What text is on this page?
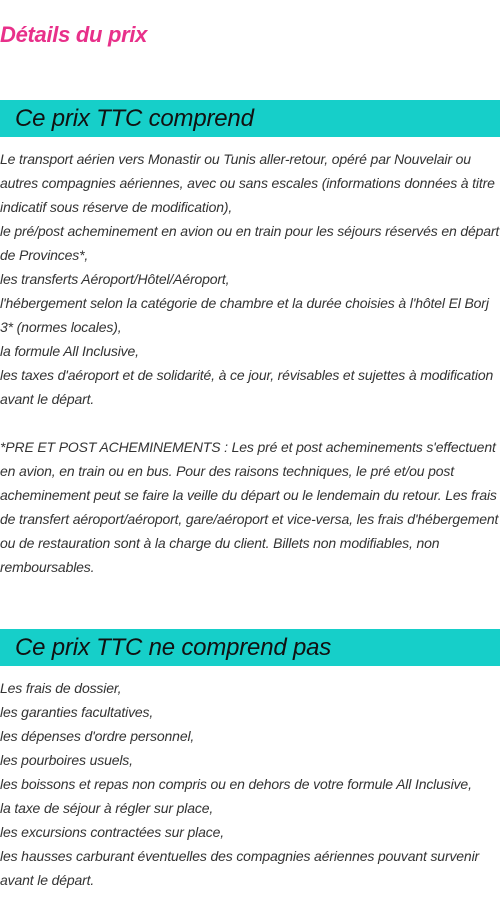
Détails du prix
Ce prix TTC comprend
Le transport aérien vers Monastir ou Tunis aller-retour, opéré par Nouvelair ou autres compagnies aériennes, avec ou sans escales (informations données à titre indicatif sous réserve de modification),
le pré/post acheminement en avion ou en train pour les séjours réservés en départ de Provinces*,
les transferts Aéroport/Hôtel/Aéroport,
l'hébergement selon la catégorie de chambre et la durée choisies à l'hôtel El Borj 3* (normes locales),
la formule All Inclusive,
les taxes d'aéroport et de solidarité, à ce jour, révisables et sujettes à modification avant le départ.

*PRE ET POST ACHEMINEMENTS : Les pré et post acheminements s'effectuent en avion, en train ou en bus. Pour des raisons techniques, le pré et/ou post acheminement peut se faire la veille du départ ou le lendemain du retour. Les frais de transfert aéroport/aéroport, gare/aéroport et vice-versa, les frais d'hébergement ou de restauration sont à la charge du client. Billets non modifiables, non remboursables.

Ce prix TTC ne comprend pas
Les frais de dossier,
les garanties facultatives,
les dépenses d'ordre personnel,
les pourboires usuels,
les boissons et repas non compris ou en dehors de votre formule All Inclusive,
la taxe de séjour à régler sur place,
les excursions contractées sur place,
les hausses carburant éventuelles des compagnies aériennes pouvant survenir avant le départ.
